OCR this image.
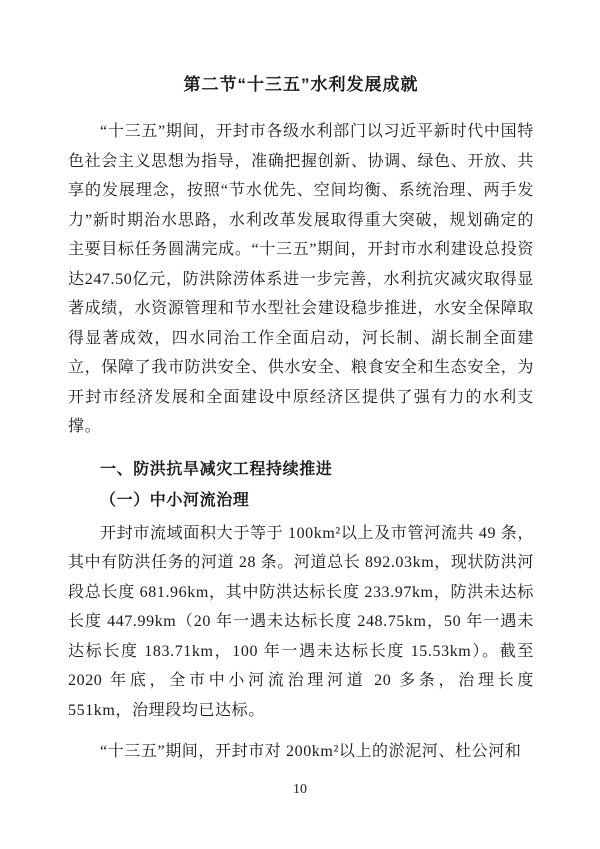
第二节“十三五”水利发展成就

“十三五”期间，开封市各级水利部门以习近平新时代中国特色社会主义思想为指导，准确把握创新、协调、绿色、开放、共享的发展理念，按照“节水优先、空间均衡、系统治理、两手发力”新时期治水思路，水利改革发展取得重大突破，规划确定的主要目标任务圆满完成。“十三五”期间，开封市水利建设总投资达247.50亿元，防洪除涝体系进一步完善，水利抗灾减灾取得显著成绩，水资源管理和节水型社会建设稳步推进，水安全保障取得显著成效，四水同治工作全面启动，河长制、湖长制全面建立，保障了我市防洪安全、供水安全、粮食安全和生态安全，为开封市经济发展和全面建设中原经济区提供了强有力的水利支撑。

一、防洪抗旱减灾工程持续推进
（一）中小河流治理

开封市流域面积大于等于 100km²以上及市管河流共 49 条，其中有防洪任务的河道 28 条。河道总长 892.03km，现状防洪河段总长度 681.96km，其中防洪达标长度 233.97km，防洪未达标长度 447.99km（20 年一遇未达标长度 248.75km，50 年一遇未达标长度 183.71km，100 年一遇未达标长度 15.53km）。截至 2020 年底，全市中小河流治理河道 20 多条，治理长度 551km，治理段均已达标。

“十三五”期间，开封市对 200km²以上的淤泥河、杜公河和

10
